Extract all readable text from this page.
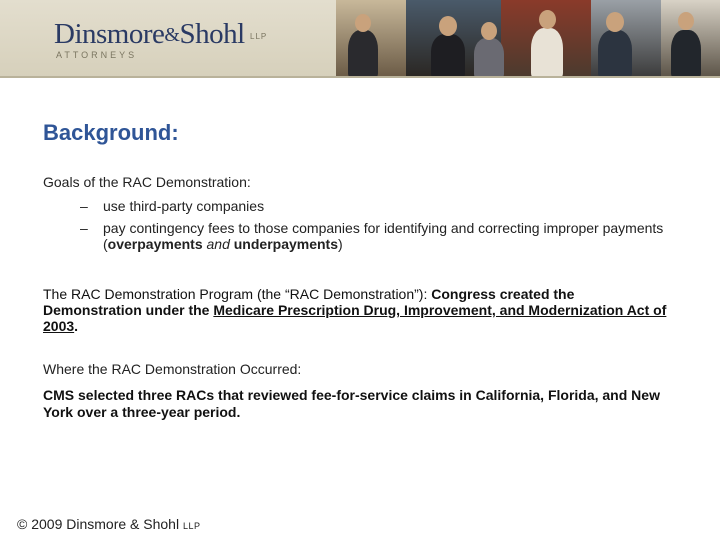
Dinsmore&Shohl LLP
ATTORNEYS
Background:
Goals of the RAC Demonstration:
– use third-party companies
– pay contingency fees to those companies for identifying and correcting improper payments (overpayments and underpayments)
The RAC Demonstration Program (the “RAC Demonstration”): Congress created the Demonstration under the Medicare Prescription Drug, Improvement, and Modernization Act of 2003.
Where the RAC Demonstration Occurred:
CMS selected three RACs that reviewed fee-for-service claims in California, Florida, and New York over a three-year period.
© 2009 Dinsmore & Shohl LLP
